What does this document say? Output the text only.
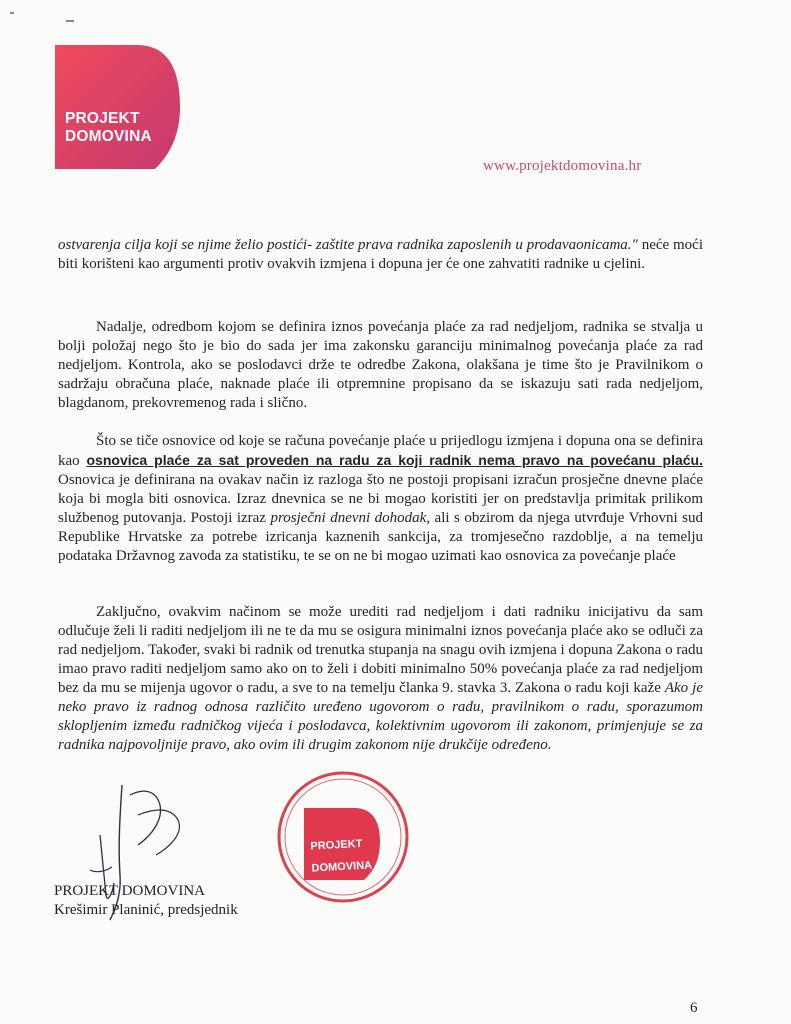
PROJEKT
DOMOVINA
www.projektdomovina.hr

ostvarenja cilja koji se njime želio postići- zaštite prava radnika zaposlenih u prodavaonicama." neće moći biti korišteni kao argumenti protiv ovakvih izmjena i dopuna jer će one zahvatiti radnike u cjelini.

Nadalje, odredbom kojom se definira iznos povećanja plaće za rad nedjeljom, radnika se stvalja u bolji položaj nego što je bio do sada jer ima zakonsku garanciju minimalnog povećanja plaće za rad nedjeljom. Kontrola, ako se poslodavci drže te odredbe Zakona, olakšana je time što je Pravilnikom o sadržaju obračuna plaće, naknade plaće ili otpremnine propisano da se iskazuju sati rada nedjeljom, blagdanom, prekovremenog rada i slično.

Što se tiče osnovice od koje se računa povećanje plaće u prijedlogu izmjena i dopuna ona se definira kao osnovica plaće za sat proveden na radu za koji radnik nema pravo na povećanu plaću. Osnovica je definirana na ovakav način iz razloga što ne postoji propisani izračun prosječne dnevne plaće koja bi mogla biti osnovica. Izraz dnevnica se ne bi mogao koristiti jer on predstavlja primitak prilikom službenog putovanja. Postoji izraz prosječni dnevni dohodak, ali s obzirom da njega utvrđuje Vrhovni sud Republike Hrvatske za potrebe izricanja kaznenih sankcija, za tromjesečno razdoblje, a na temelju podataka Državnog zavoda za statistiku, te se on ne bi mogao uzimati kao osnovica za povećanje plaće

Zaključno, ovakvim načinom se može urediti rad nedjeljom i dati radniku inicijativu da sam odlučuje želi li raditi nedjeljom ili ne te da mu se osigura minimalni iznos povećanja plaće ako se odluči za rad nedjeljom. Također, svaki bi radnik od trenutka stupanja na snagu ovih izmjena i dopuna Zakona o radu imao pravo raditi nedjeljom samo ako on to želi i dobiti minimalno 50% povećanja plaće za rad nedjeljom bez da mu se mijenja ugovor o radu, a sve to na temelju članka 9. stavka 3. Zakona o radu koji kaže Ako je neko pravo iz radnog odnosa različito uređeno ugovorom o radu, pravilnikom o radu, sporazumom sklopljenim između radničkog vijeća i poslodavca, kolektivnim ugovorom ili zakonom, primjenjuje se za radnika najpovoljnije pravo, ako ovim ili drugim zakonom nije drukčije određeno.

PROJEKT DOMOVINA
Krešimir Planinić, predsjednik
PROJEKT
DOMOVINA
6
